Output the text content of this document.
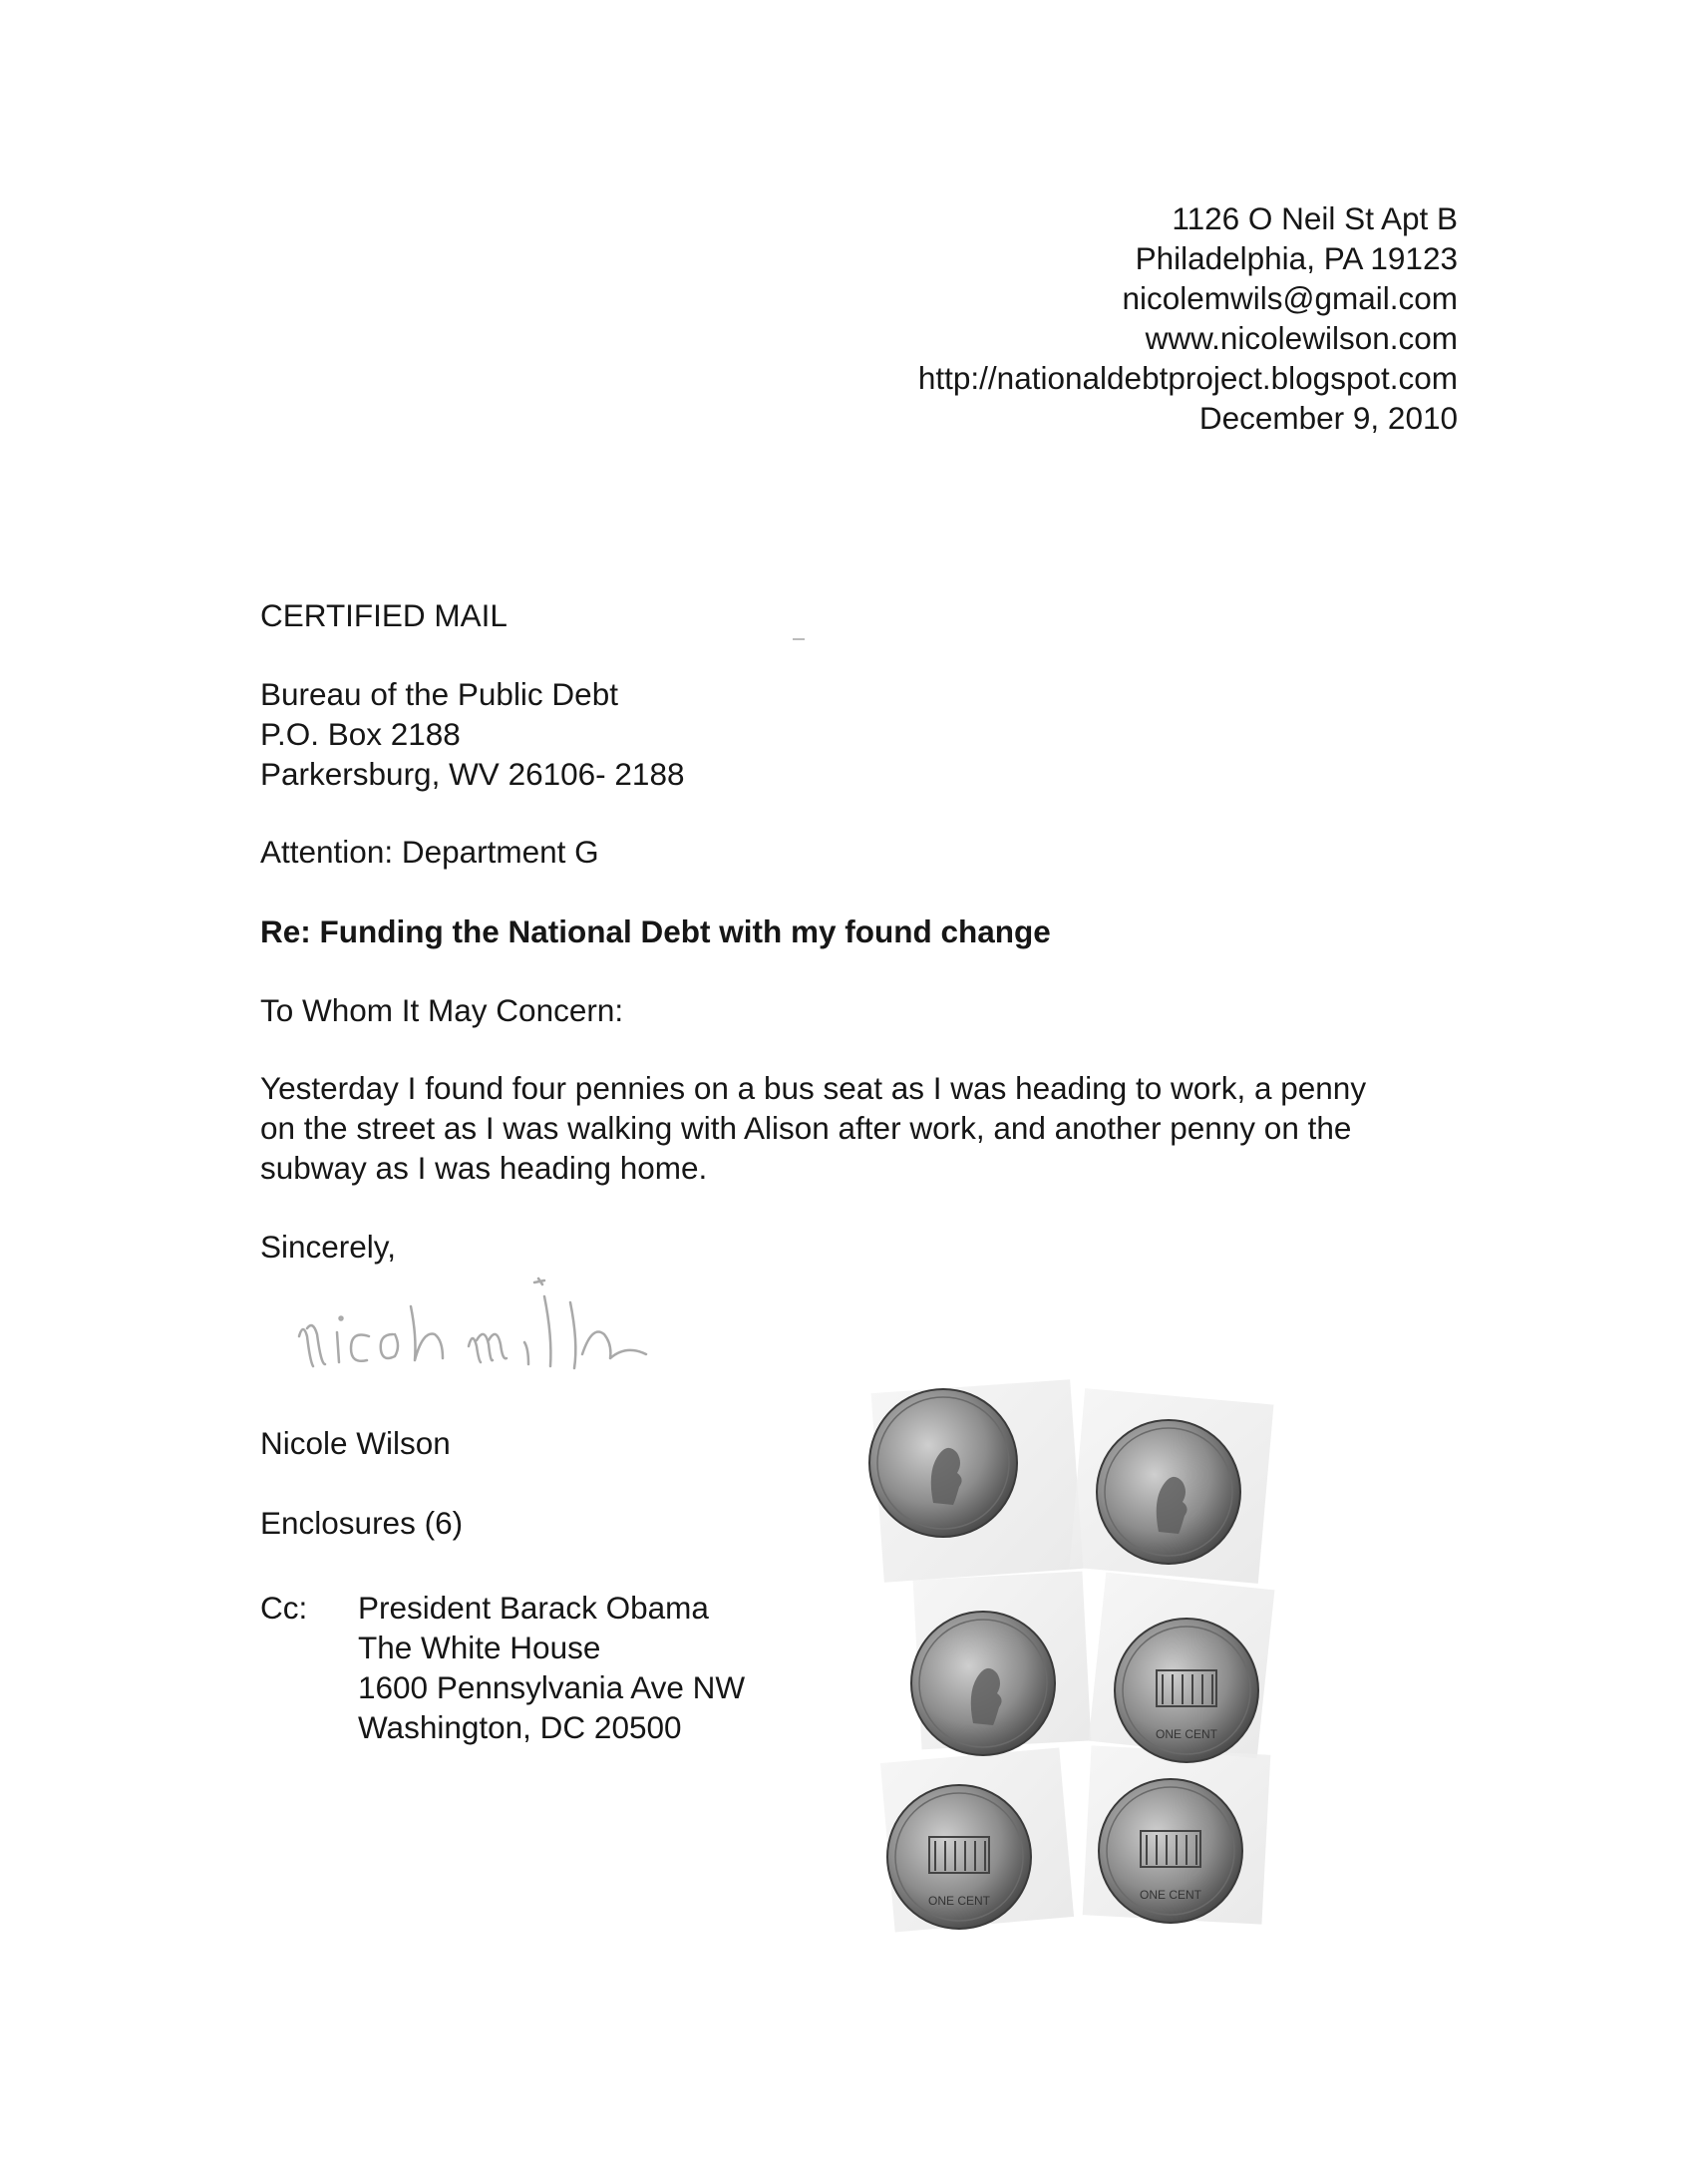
1126 O Neil St Apt B
Philadelphia, PA 19123
nicolemwils@gmail.com
www.nicolewilson.com
http://nationaldebtproject.blogspot.com
December 9, 2010
CERTIFIED MAIL
Bureau of the Public Debt
P.O. Box 2188
Parkersburg, WV 26106- 2188
Attention: Department G
Re: Funding the National Debt with my found change
To Whom It May Concern:
Yesterday I found four pennies on a bus seat as I was heading to work, a penny
on the street as I was walking with Alison after work, and another penny on the
subway as I was heading home.
Sincerely,
Nicole Wilson
Enclosures (6)
Cc: President Barack Obama
The White House
1600 Pennsylvania Ave NW
Washington, DC 20500	ONE CENT
ONE CENT	ONE CENT
